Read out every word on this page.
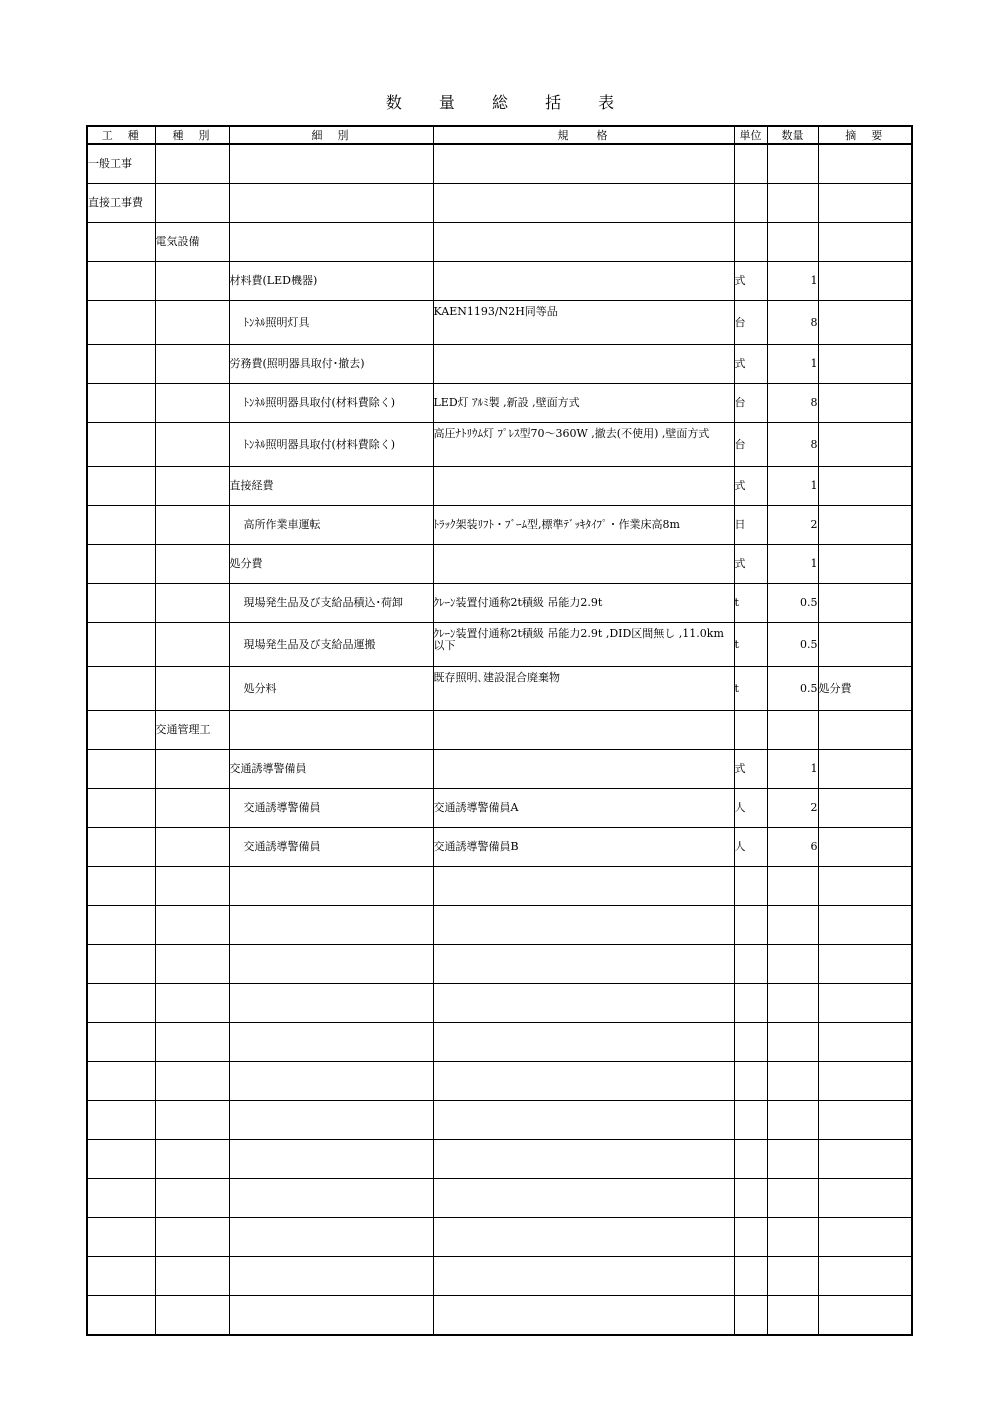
数 量 総 括 表
工　種	種　別	細　別	規　　格	単位	数量	摘　要
一般工事						
直接工事費						
	電気設備					
		材料費(LED機器)		式	1	
		ﾄﾝﾈﾙ照明灯具	KAEN1193/N2H同等品	台	8	
		労務費(照明器具取付･撤去)		式	1	
		ﾄﾝﾈﾙ照明器具取付(材料費除く)	LED灯 ｱﾙﾐ製 ,新設 ,壁面方式	台	8	
		ﾄﾝﾈﾙ照明器具取付(材料費除く)	高圧ﾅﾄﾘｳﾑ灯 ﾌﾟﾚｽ型70～360W ,撤去(不使用) ,壁面方式	台	8	
		直接経費		式	1	
		高所作業車運転	ﾄﾗｯｸ架装ﾘﾌﾄ・ﾌﾞｰﾑ型,標準ﾃﾞｯｷﾀｲﾌﾟ・作業床高8m	日	2	
		処分費		式	1	
		現場発生品及び支給品積込･荷卸	ｸﾚｰﾝ装置付通称2t積級 吊能力2.9t	t	0.5	
		現場発生品及び支給品運搬	ｸﾚｰﾝ装置付通称2t積級 吊能力2.9t ,DID区間無し ,11.0km以下	t	0.5	
		処分料	既存照明､建設混合廃棄物	t	0.5	処分費
	交通管理工					
		交通誘導警備員		式	1	
		交通誘導警備員	交通誘導警備員A	人	2	
		交通誘導警備員	交通誘導警備員B	人	6	
